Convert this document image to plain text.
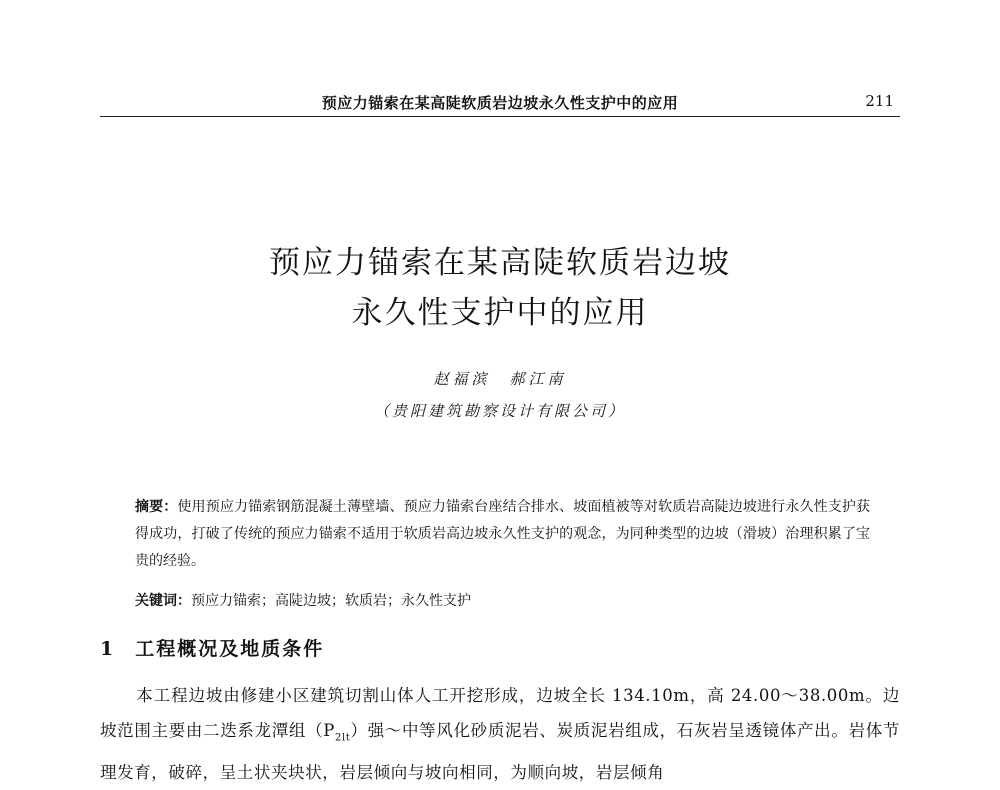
预应力锚索在某高陡软质岩边坡永久性支护中的应用	211
预应力锚索在某高陡软质岩边坡
永久性支护中的应用
赵福滨　郝江南
（贵阳建筑勘察设计有限公司）
摘要：使用预应力锚索钢筋混凝土薄壁墙、预应力锚索台座结合排水、坡面植被等对软质岩高陡边坡进行永久性支护获得成功，打破了传统的预应力锚索不适用于软质岩高边坡永久性支护的观念，为同种类型的边坡（滑坡）治理积累了宝贵的经验。
关键词：预应力锚索；高陡边坡；软质岩；永久性支护
1 工程概况及地质条件
本工程边坡由修建小区建筑切割山体人工开挖形成，边坡全长 134.10m，高 24.00～38.00m。边坡范围主要由二迭系龙潭组$(P_{2lt})$强～中等风化砂质泥岩、炭质泥岩组成，石灰岩呈透镜体产出。岩体节理发育，破碎，呈土状夹块状，岩层倾向与坡向相同，为顺向坡，岩层倾角
